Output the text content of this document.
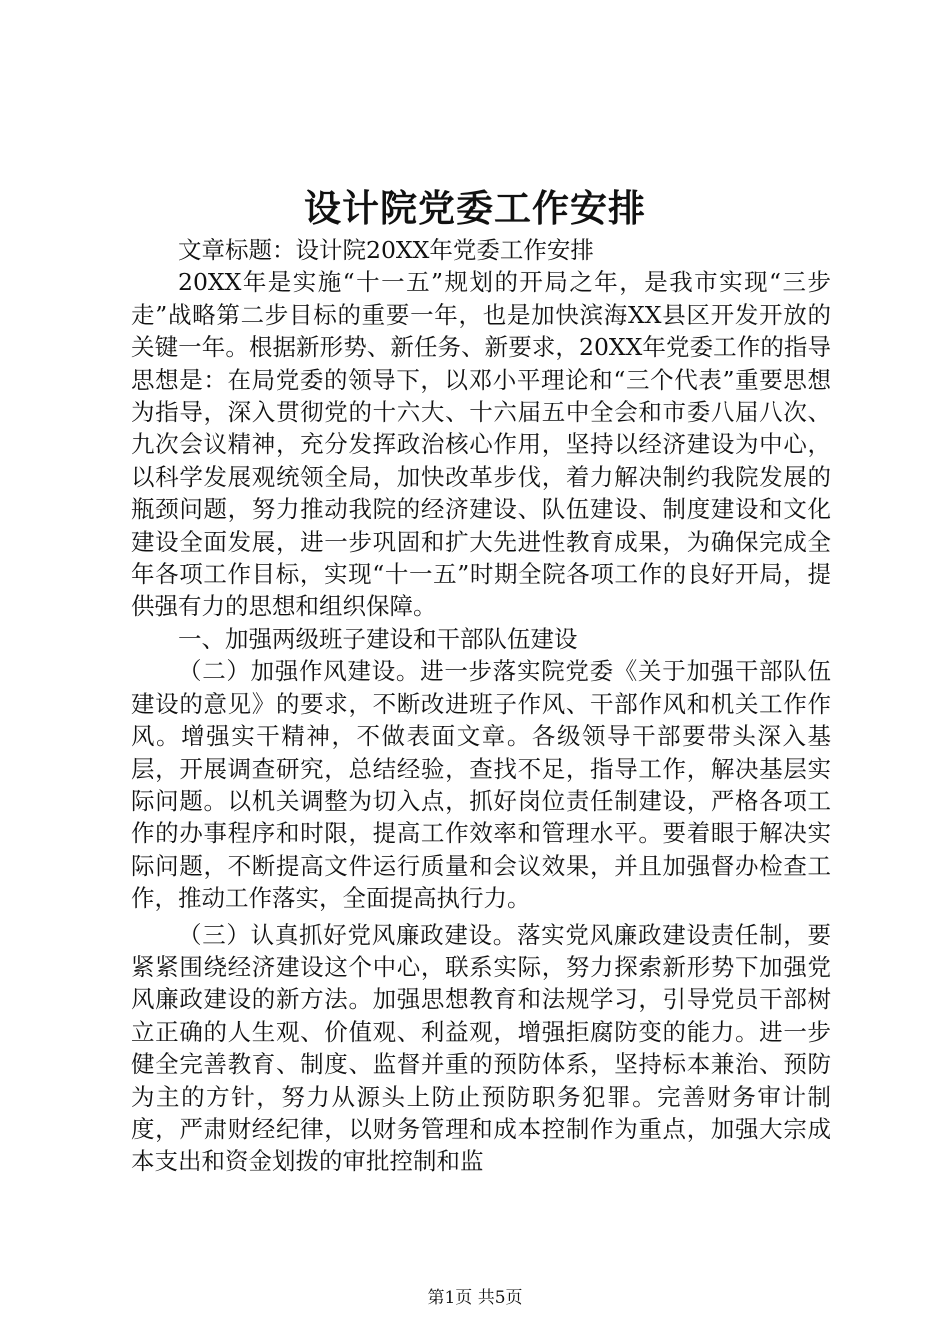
设计院党委工作安排

文章标题：设计院20XX年党委工作安排

20XX年是实施“十一五”规划的开局之年，是我市实现“三步走”战略第二步目标的重要一年，也是加快滨海XX县区开发开放的关键一年。根据新形势、新任务、新要求，20XX年党委工作的指导思想是：在局党委的领导下，以邓小平理论和“三个代表”重要思想为指导，深入贯彻党的十六大、十六届五中全会和市委八届八次、九次会议精神，充分发挥政治核心作用，坚持以经济建设为中心，以科学发展观统领全局，加快改革步伐，着力解决制约我院发展的瓶颈问题，努力推动我院的经济建设、队伍建设、制度建设和文化建设全面发展，进一步巩固和扩大先进性教育成果，为确保完成全年各项工作目标，实现“十一五”时期全院各项工作的良好开局，提供强有力的思想和组织保障。

一、加强两级班子建设和干部队伍建设

（二）加强作风建设。进一步落实院党委《关于加强干部队伍建设的意见》的要求，不断改进班子作风、干部作风和机关工作作风。增强实干精神，不做表面文章。各级领导干部要带头深入基层，开展调查研究，总结经验，查找不足，指导工作，解决基层实际问题。以机关调整为切入点，抓好岗位责任制建设，严格各项工作的办事程序和时限，提高工作效率和管理水平。要着眼于解决实际问题，不断提高文件运行质量和会议效果，并且加强督办检查工作，推动工作落实，全面提高执行力。

（三）认真抓好党风廉政建设。落实党风廉政建设责任制，要紧紧围绕经济建设这个中心，联系实际，努力探索新形势下加强党风廉政建设的新方法。加强思想教育和法规学习，引导党员干部树立正确的人生观、价值观、利益观，增强拒腐防变的能力。进一步健全完善教育、制度、监督并重的预防体系，坚持标本兼治、预防为主的方针，努力从源头上防止预防职务犯罪。完善财务审计制度，严肃财经纪律，以财务管理和成本控制作为重点，加强大宗成本支出和资金划拨的审批控制和监

第1页 共5页
